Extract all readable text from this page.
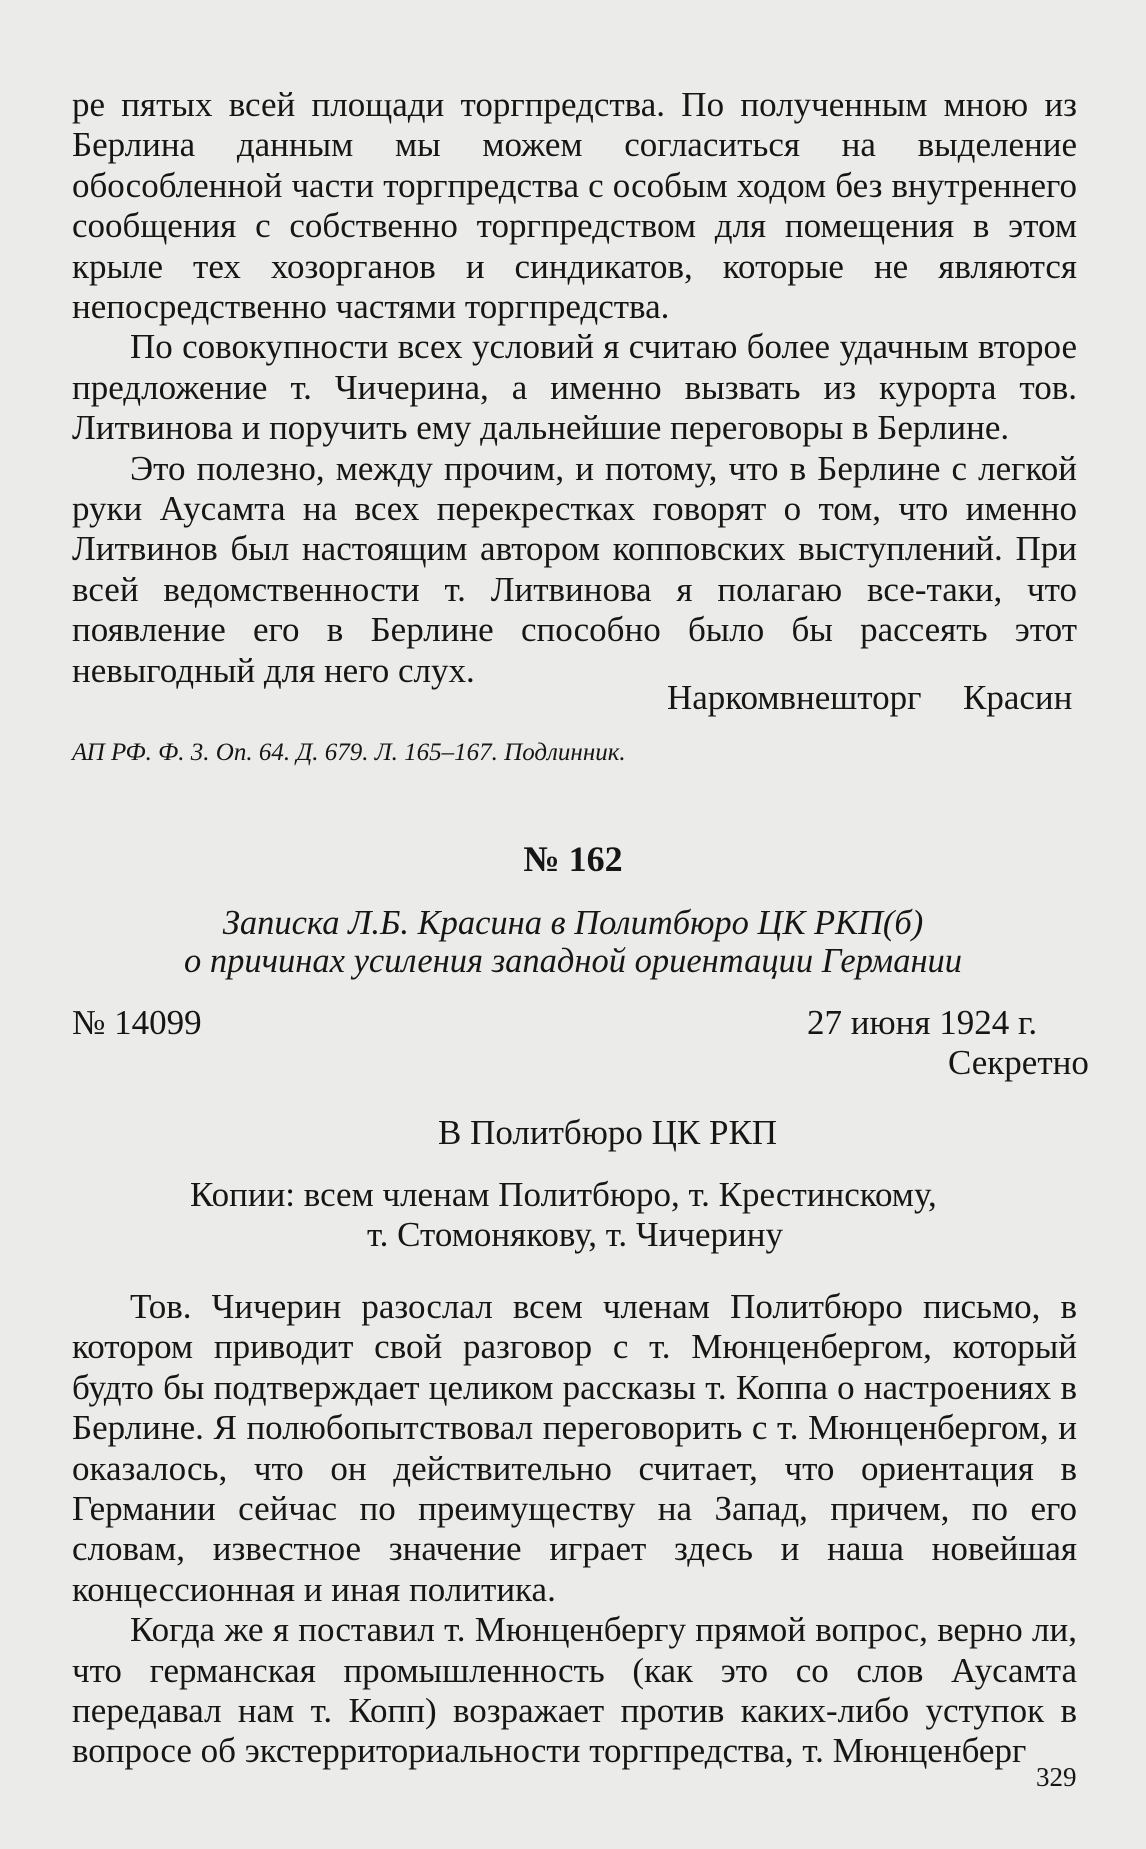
ре пятых всей площади торгпредства. По полученным мною из Берлина данным мы можем согласиться на выделение обособленной части торгпредства с особым ходом без внутреннего сообщения с собственно торгпредством для помещения в этом крыле тех хозорганов и синдикатов, которые не являются непосредственно частями торгпредства.

По совокупности всех условий я считаю более удачным второе предложение т. Чичерина, а именно вызвать из курорта тов. Литвинова и поручить ему дальнейшие переговоры в Берлине.

Это полезно, между прочим, и потому, что в Берлине с легкой руки Аусамта на всех перекрестках говорят о том, что именно Литвинов был настоящим автором копповских выступлений. При всей ведомственности т. Литвинова я полагаю все-таки, что появление его в Берлине способно было бы рассеять этот невыгодный для него слух.

Наркомвнешторг Красин
АП РФ. Ф. 3. Оп. 64. Д. 679. Л. 165–167. Подлинник.
№ 162
Записка Л.Б. Красина в Политбюро ЦК РКП(б)
о причинах усиления западной ориентации Германии
№ 14099	27 июня 1924 г.
Секретно
В Политбюро ЦК РКП
Копии: всем членам Политбюро, т. Крестинскому,
т. Стомонякову, т. Чичерину

Тов. Чичерин разослал всем членам Политбюро письмо, в котором приводит свой разговор с т. Мюнценбергом, который будто бы подтверждает целиком рассказы т. Коппа о настроениях в Берлине. Я полюбопытствовал переговорить с т. Мюнценбергом, и оказалось, что он действительно считает, что ориентация в Германии сейчас по преимуществу на Запад, причем, по его словам, известное значение играет здесь и наша новейшая концессионная и иная политика.

Когда же я поставил т. Мюнценбергу прямой вопрос, верно ли, что германская промышленность (как это со слов Аусамта передавал нам т. Копп) возражает против каких-либо уступок в вопросе об экстерриториальности торгпредства, т. Мюнценберг

329
